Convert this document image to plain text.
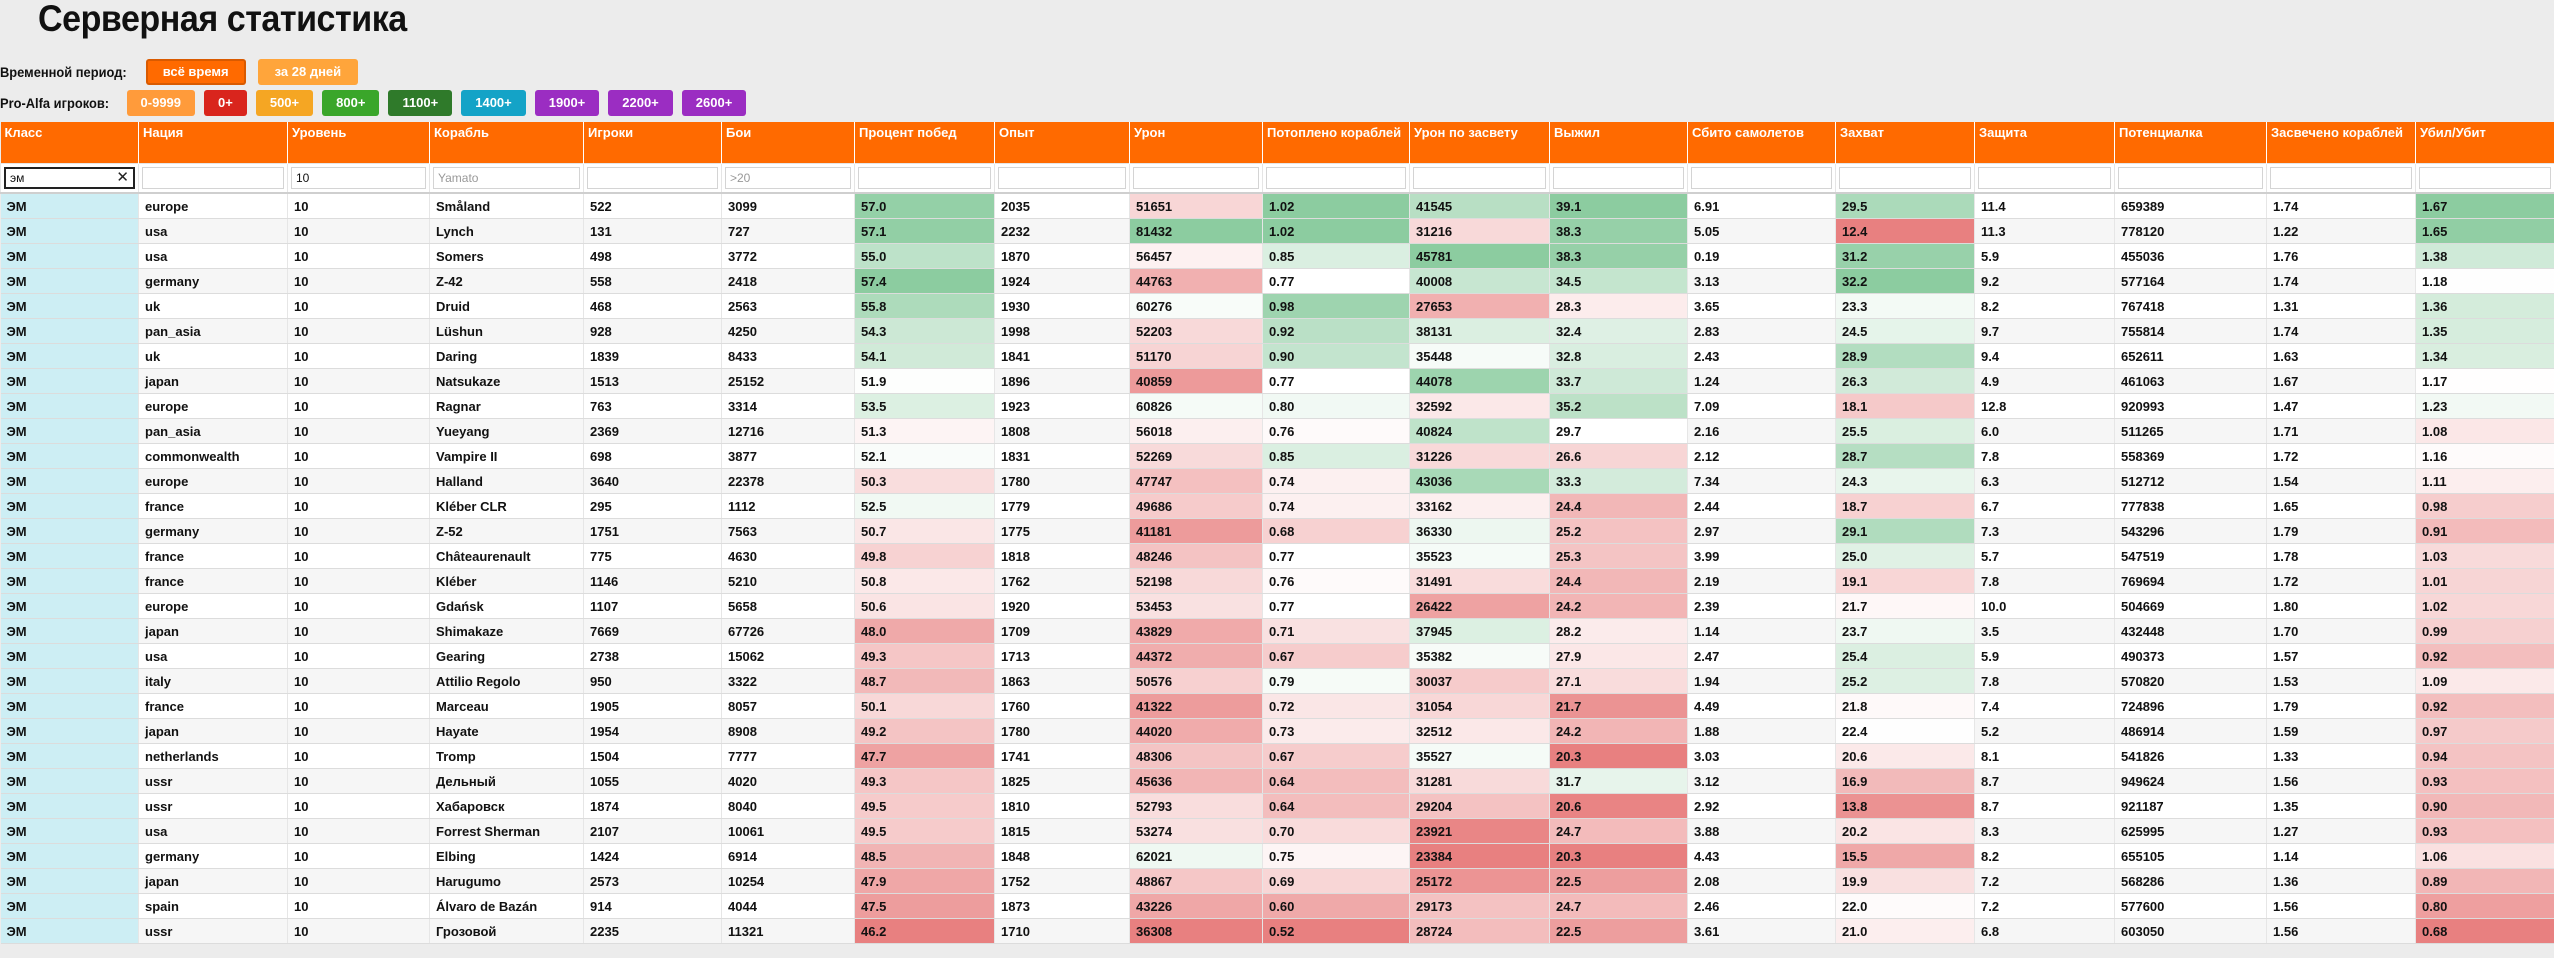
Серверная статистика
Временной период:	всё время	за 28 дней
Pro-Alfa игроков:	0-9999	0+	500+	800+	1100+	1400+	1900+	2200+	2600+
Класс	Нация	Уровень	Корабль	Игроки	Бои	Процент побед	Опыт	Урон	Потоплено кораблей	Урон по засвету	Выжил	Сбито самолетов	Захват	Защита	Потенциалка	Засвечено кораблей	Убил/Убит

эм
✕

10

Yamato

>20

ЭМ	europe	10	Småland	522	3099	57.0	2035	51651	1.02	41545	39.1	6.91	29.5	11.4	659389	1.74	1.67
ЭМ	usa	10	Lynch	131	727	57.1	2232	81432	1.02	31216	38.3	5.05	12.4	11.3	778120	1.22	1.65
ЭМ	usa	10	Somers	498	3772	55.0	1870	56457	0.85	45781	38.3	0.19	31.2	5.9	455036	1.76	1.38
ЭМ	germany	10	Z-42	558	2418	57.4	1924	44763	0.77	40008	34.5	3.13	32.2	9.2	577164	1.74	1.18
ЭМ	uk	10	Druid	468	2563	55.8	1930	60276	0.98	27653	28.3	3.65	23.3	8.2	767418	1.31	1.36
ЭМ	pan_asia	10	Lüshun	928	4250	54.3	1998	52203	0.92	38131	32.4	2.83	24.5	9.7	755814	1.74	1.35
ЭМ	uk	10	Daring	1839	8433	54.1	1841	51170	0.90	35448	32.8	2.43	28.9	9.4	652611	1.63	1.34
ЭМ	japan	10	Natsukaze	1513	25152	51.9	1896	40859	0.77	44078	33.7	1.24	26.3	4.9	461063	1.67	1.17
ЭМ	europe	10	Ragnar	763	3314	53.5	1923	60826	0.80	32592	35.2	7.09	18.1	12.8	920993	1.47	1.23
ЭМ	pan_asia	10	Yueyang	2369	12716	51.3	1808	56018	0.76	40824	29.7	2.16	25.5	6.0	511265	1.71	1.08
ЭМ	commonwealth	10	Vampire II	698	3877	52.1	1831	52269	0.85	31226	26.6	2.12	28.7	7.8	558369	1.72	1.16
ЭМ	europe	10	Halland	3640	22378	50.3	1780	47747	0.74	43036	33.3	7.34	24.3	6.3	512712	1.54	1.11
ЭМ	france	10	Kléber CLR	295	1112	52.5	1779	49686	0.74	33162	24.4	2.44	18.7	6.7	777838	1.65	0.98
ЭМ	germany	10	Z-52	1751	7563	50.7	1775	41181	0.68	36330	25.2	2.97	29.1	7.3	543296	1.79	0.91
ЭМ	france	10	Châteaurenault	775	4630	49.8	1818	48246	0.77	35523	25.3	3.99	25.0	5.7	547519	1.78	1.03
ЭМ	france	10	Kléber	1146	5210	50.8	1762	52198	0.76	31491	24.4	2.19	19.1	7.8	769694	1.72	1.01
ЭМ	europe	10	Gdańsk	1107	5658	50.6	1920	53453	0.77	26422	24.2	2.39	21.7	10.0	504669	1.80	1.02
ЭМ	japan	10	Shimakaze	7669	67726	48.0	1709	43829	0.71	37945	28.2	1.14	23.7	3.5	432448	1.70	0.99
ЭМ	usa	10	Gearing	2738	15062	49.3	1713	44372	0.67	35382	27.9	2.47	25.4	5.9	490373	1.57	0.92
ЭМ	italy	10	Attilio Regolo	950	3322	48.7	1863	50576	0.79	30037	27.1	1.94	25.2	7.8	570820	1.53	1.09
ЭМ	france	10	Marceau	1905	8057	50.1	1760	41322	0.72	31054	21.7	4.49	21.8	7.4	724896	1.79	0.92
ЭМ	japan	10	Hayate	1954	8908	49.2	1780	44020	0.73	32512	24.2	1.88	22.4	5.2	486914	1.59	0.97
ЭМ	netherlands	10	Tromp	1504	7777	47.7	1741	48306	0.67	35527	20.3	3.03	20.6	8.1	541826	1.33	0.94
ЭМ	ussr	10	Дельный	1055	4020	49.3	1825	45636	0.64	31281	31.7	3.12	16.9	8.7	949624	1.56	0.93
ЭМ	ussr	10	Хабаровск	1874	8040	49.5	1810	52793	0.64	29204	20.6	2.92	13.8	8.7	921187	1.35	0.90
ЭМ	usa	10	Forrest Sherman	2107	10061	49.5	1815	53274	0.70	23921	24.7	3.88	20.2	8.3	625995	1.27	0.93
ЭМ	germany	10	Elbing	1424	6914	48.5	1848	62021	0.75	23384	20.3	4.43	15.5	8.2	655105	1.14	1.06
ЭМ	japan	10	Harugumo	2573	10254	47.9	1752	48867	0.69	25172	22.5	2.08	19.9	7.2	568286	1.36	0.89
ЭМ	spain	10	Álvaro de Bazán	914	4044	47.5	1873	43226	0.60	29173	24.7	2.46	22.0	7.2	577600	1.56	0.80
ЭМ	ussr	10	Грозовой	2235	11321	46.2	1710	36308	0.52	28724	22.5	3.61	21.0	6.8	603050	1.56	0.68
